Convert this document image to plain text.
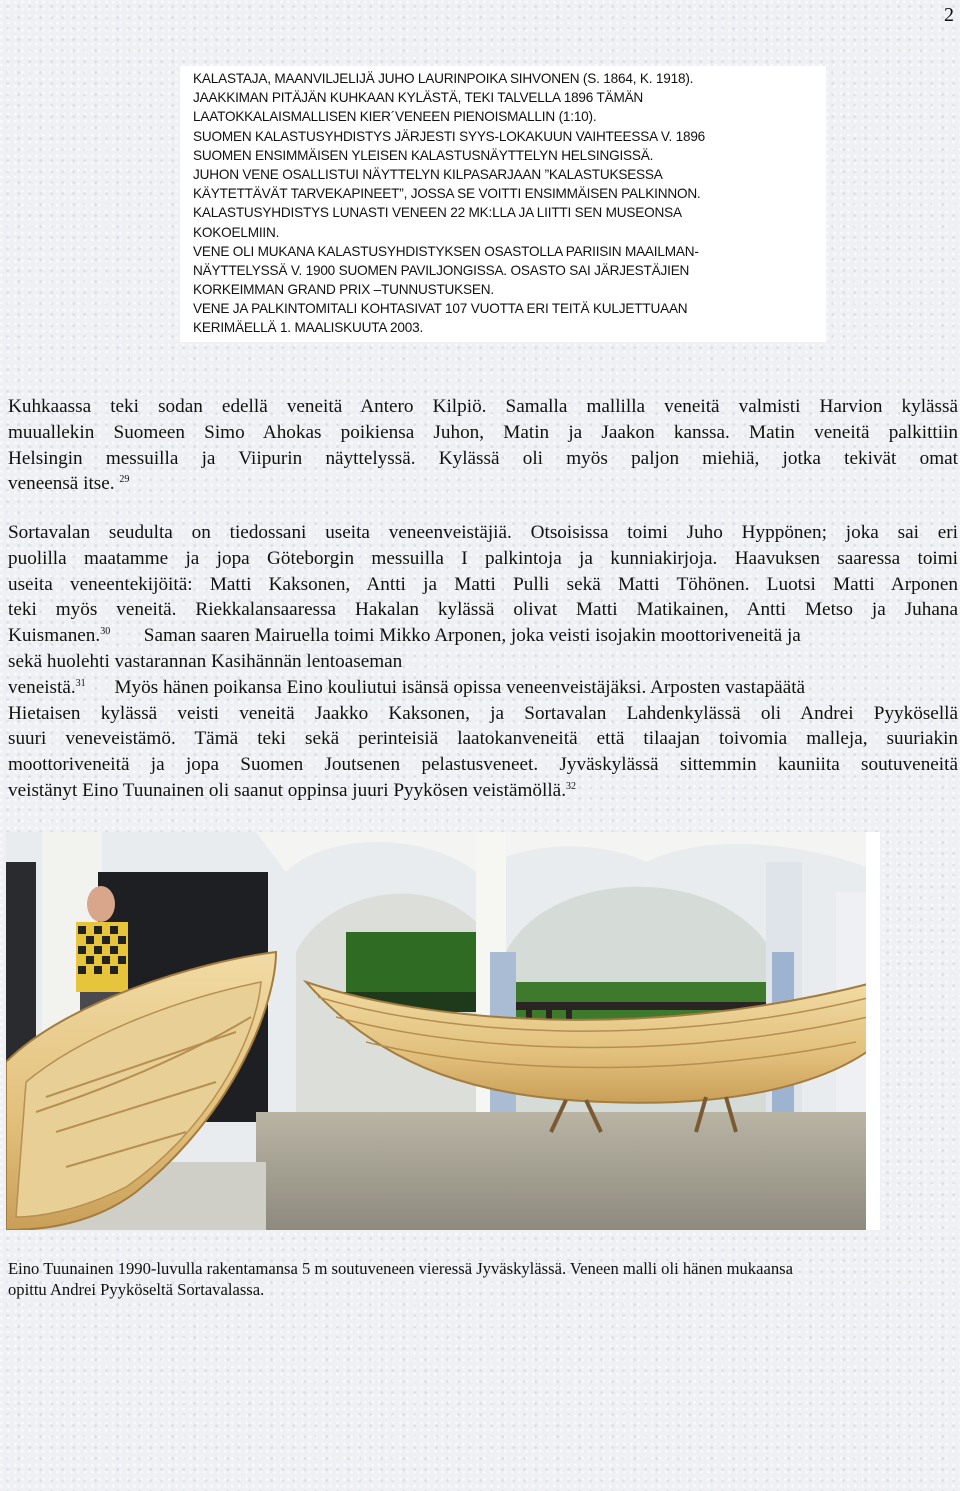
2
KALASTAJA, MAANVILJELIJÄ JUHO LAURINPOIKA SIHVONEN (S. 1864, K. 1918).
JAAKKIMAN PITÄJÄN KUHKAAN KYLÄSTÄ, TEKI TALVELLA 1896 TÄMÄN
LAATOKKALAISMALLISEN KIER´VENEEN PIENOISMALLIN (1:10).
SUOMEN KALASTUSYHDISTYS JÄRJESTI SYYS-LOKAKUUN VAIHTEESSA V. 1896
SUOMEN ENSIMMÄISEN YLEISEN KALASTUSNÄYTTELYN HELSINGISSÄ.
JUHON VENE OSALLISTUI NÄYTTELYN KILPASARJAAN ”KALASTUKSESSA
KÄYTETTÄVÄT TARVEKAPINEET”, JOSSA SE VOITTI ENSIMMÄISEN PALKINNON.
KALASTUSYHDISTYS LUNASTI VENEEN 22 MK:LLA JA LIITTI SEN MUSEONSA
KOKOELMIIN.
VENE OLI MUKANA KALASTUSYHDISTYKSEN OSASTOLLA PARIISIN MAAILMAN-
NÄYTTELYSSÄ V. 1900 SUOMEN PAVILJONGISSA. OSASTO SAI JÄRJESTÄJIEN
KORKEIMMAN GRAND PRIX –TUNNUSTUKSEN.
VENE JA PALKINTOMITALI KOHTASIVAT 107 VUOTTA ERI TEITÄ KULJETTUAAN
KERIMÄELLÄ 1. MAALISKUUTA 2003.
Kuhkaassa teki sodan edellä veneitä Antero Kilpiö. Samalla mallilla veneitä valmisti Harvion kylässä
muuallekin Suomeen Simo Ahokas poikiensa Juhon, Matin ja Jaakon kanssa. Matin veneitä palkittiin
Helsingin messuilla ja Viipurin näyttelyssä. Kylässä oli myös paljon miehiä, jotka tekivät omat
veneensä itse. $^{29}$
Sortavalan seudulta on tiedossani useita veneenveistäjiä. Otsoisissa toimi Juho Hyppönen; joka sai eri
puolilla maatamme ja jopa Göteborgin messuilla I palkintoja ja kunniakirjoja. Haavuksen saaressa toimi
useita veneentekijöitä: Matti Kaksonen, Antti ja Matti Pulli sekä Matti Töhönen. Luotsi Matti Arponen
teki myös veneitä. Riekkalansaaressa Hakalan kylässä olivat Matti Matikainen, Antti Metso ja Juhana
Kuismanen.$^{30}$ Saman saaren Mairuella toimi Mikko Arponen, joka veisti isojakin moottoriveneitä ja
sekä huolehti vastarannan Kasihännän lentoaseman
veneistä.$^{31}$ Myös hänen poikansa Eino kouliutui isänsä opissa veneenveistäjäksi. Arposten vastapäätä
Hietaisen kylässä veisti veneitä Jaakko Kaksonen, ja Sortavalan Lahdenkylässä oli Andrei Pyykösellä
suuri veneveistämö. Tämä teki sekä perinteisiä laatokanveneitä että tilaajan toivomia malleja, suuriakin
moottoriveneitä ja jopa Suomen Joutsenen pelastusveneet. Jyväskylässä sittemmin kauniita soutuveneitä
veistänyt Eino Tuunainen oli saanut oppinsa juuri Pyykösen veistämöllä.$^{32}$
Eino Tuunainen 1990-luvulla rakentamansa 5 m soutuveneen vieressä Jyväskylässä. Veneen malli oli hänen mukaansa
opittu Andrei Pyyköseltä Sortavalassa.
